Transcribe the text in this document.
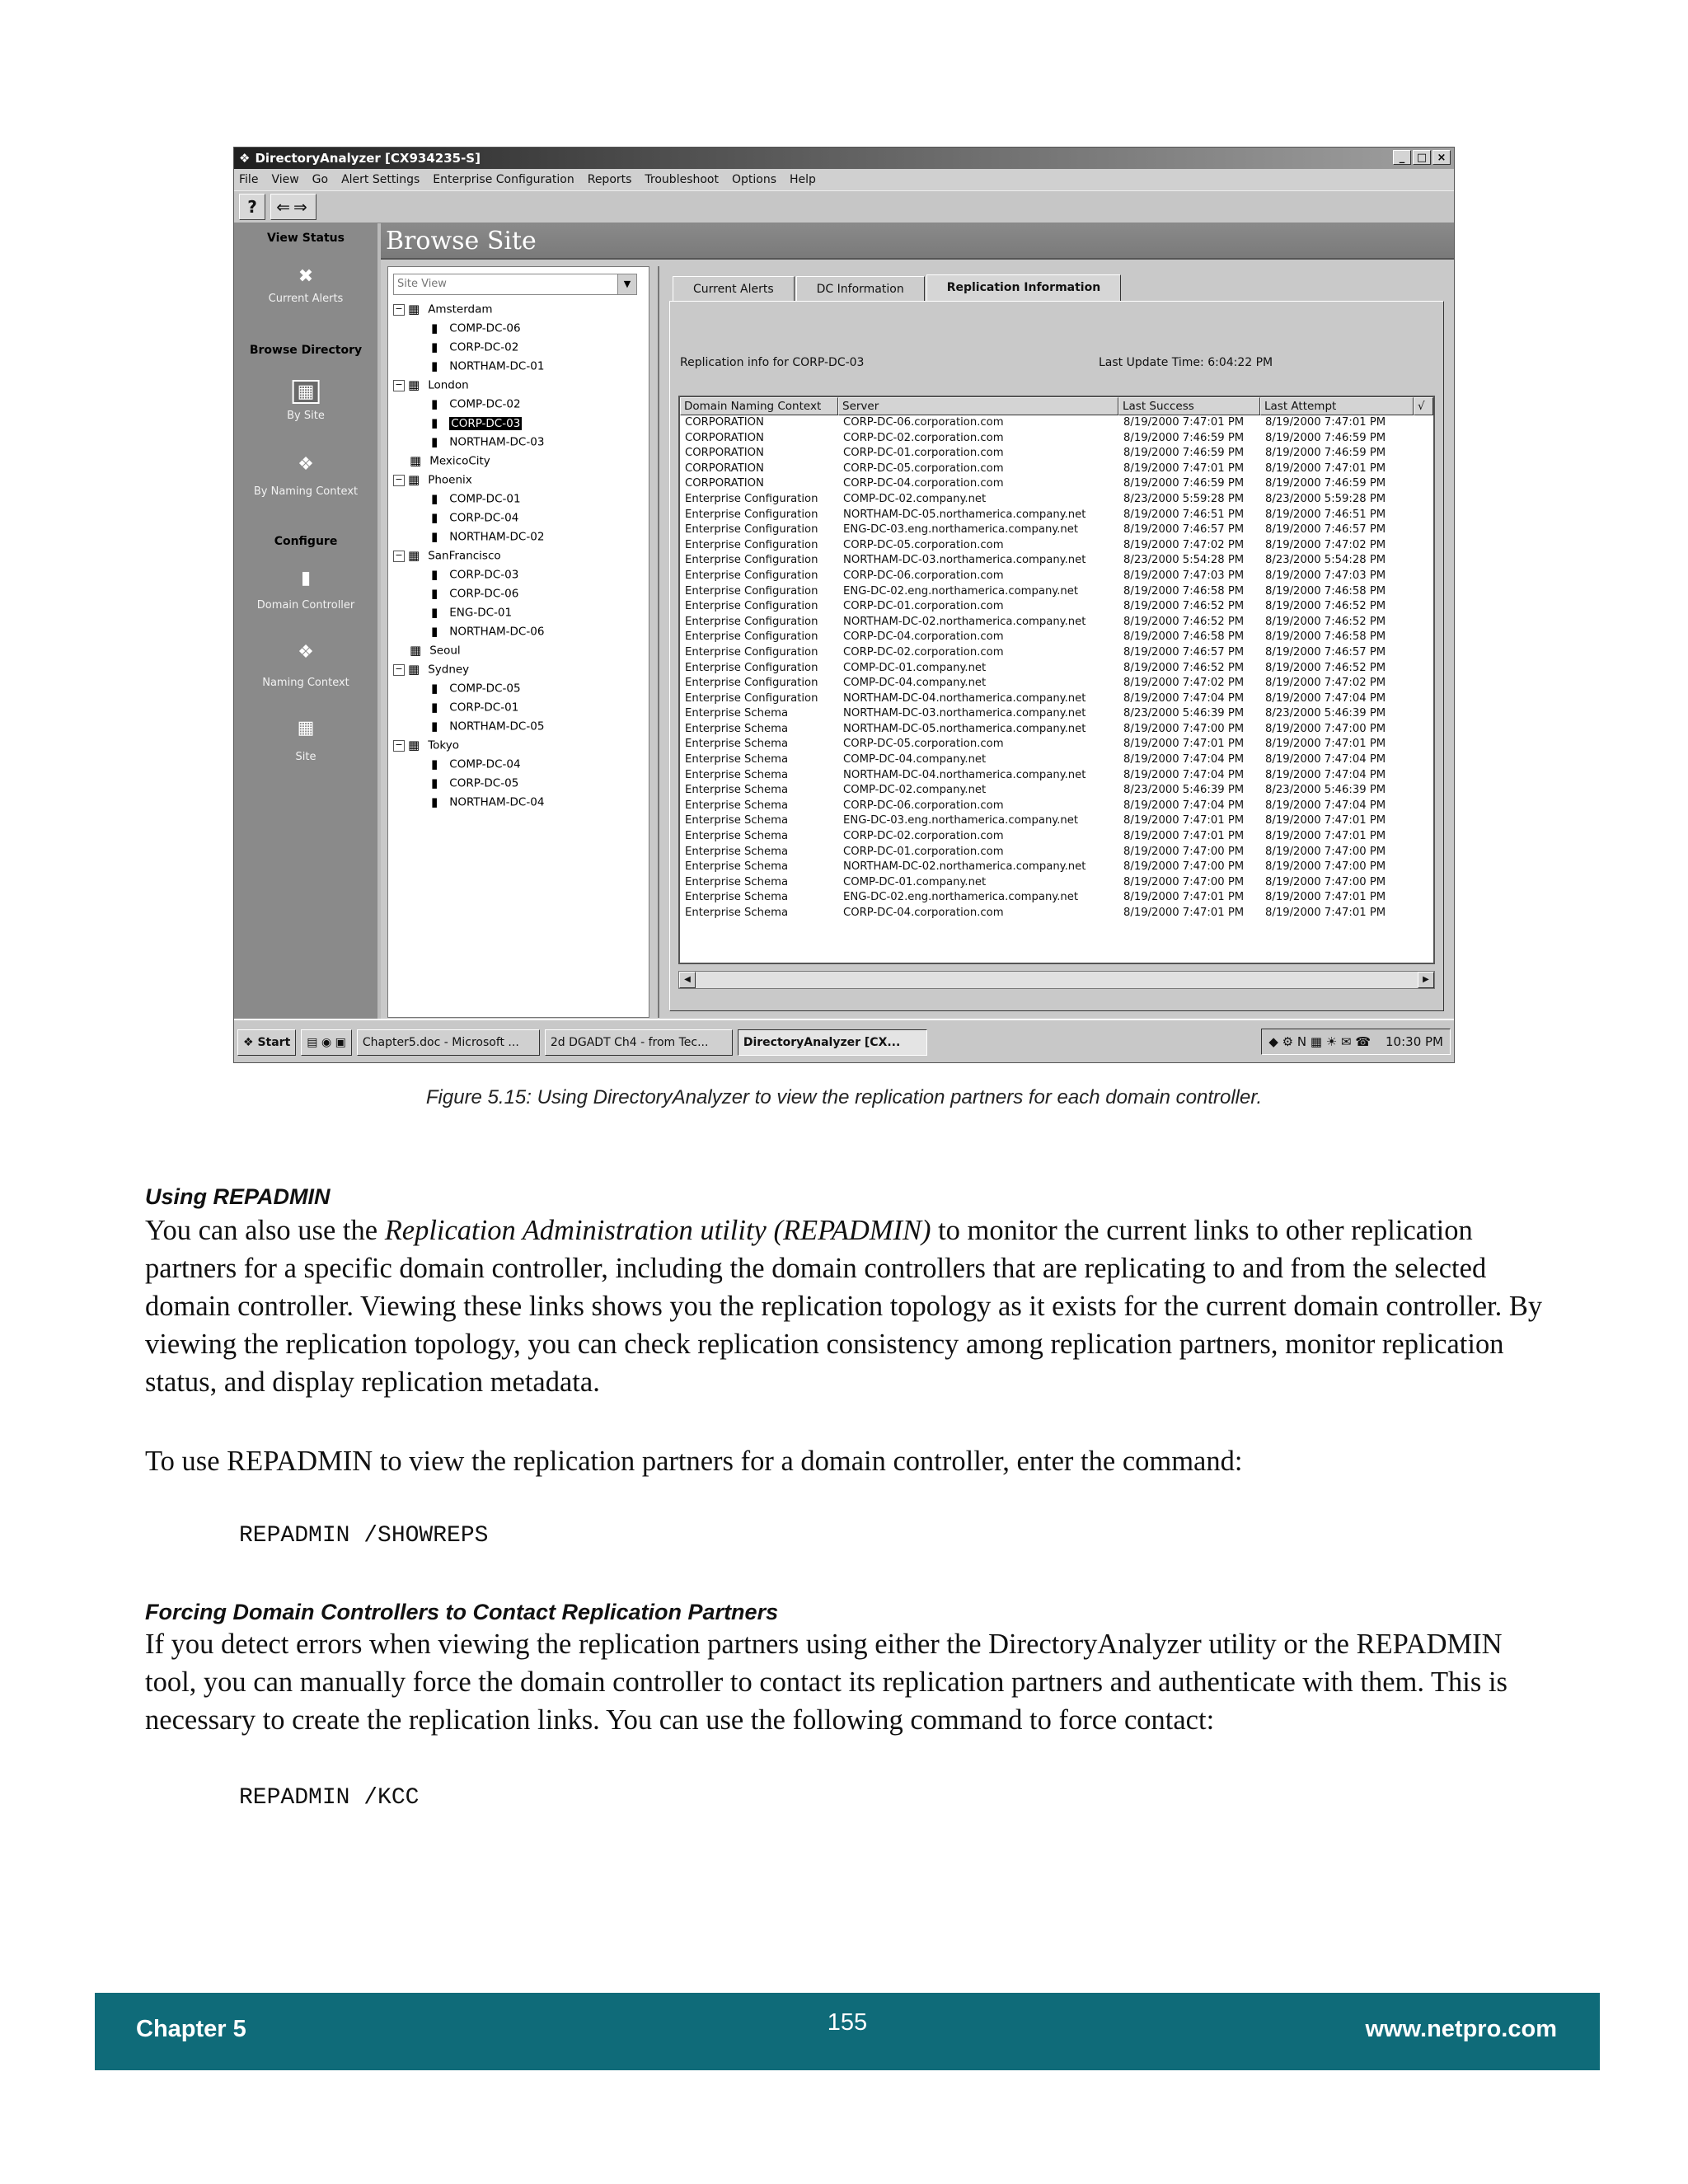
❖ DirectoryAnalyzer [CX934235-S]	_	□ ×
File View Go Alert Settings Enterprise Configuration Reports Troubleshoot Options Help
?	⇐⇒
View Status
✖
Current Alerts
Browse Directory
▦
By Site
❖
By Naming Context
Configure
▮
Domain Controller
❖
Naming Context
▦
Site
Browse Site
Site View	▼
− ▦ Amsterdam
▮ COMP-DC-06
▮ CORP-DC-02
▮ NORTHAM-DC-01
− ▦ London
▮ COMP-DC-02
▮ CORP-DC-03
▮ NORTHAM-DC-03
▦ MexicoCity
− ▦ Phoenix
▮ COMP-DC-01
▮ CORP-DC-04
▮ NORTHAM-DC-02
− ▦ SanFrancisco
▮ CORP-DC-03
▮ CORP-DC-06
▮ ENG-DC-01
▮ NORTHAM-DC-06
▦ Seoul
− ▦ Sydney
▮ COMP-DC-05
▮ CORP-DC-01
▮ NORTHAM-DC-05
− ▦ Tokyo
▮ COMP-DC-04
▮ CORP-DC-05
▮ NORTHAM-DC-04
Current Alerts	DC Information	Replication Information
Replication info for CORP-DC-03	Last Update Time: 6:04:22 PM
Domain Naming Context	Server	Last Success	Last Attempt	√
CORPORATION	CORP-DC-06.corporation.com	8/19/2000 7:47:01 PM	8/19/2000 7:47:01 PM
CORPORATION	CORP-DC-02.corporation.com	8/19/2000 7:46:59 PM	8/19/2000 7:46:59 PM
CORPORATION	CORP-DC-01.corporation.com	8/19/2000 7:46:59 PM	8/19/2000 7:46:59 PM
CORPORATION	CORP-DC-05.corporation.com	8/19/2000 7:47:01 PM	8/19/2000 7:47:01 PM
CORPORATION	CORP-DC-04.corporation.com	8/19/2000 7:46:59 PM	8/19/2000 7:46:59 PM
Enterprise Configuration	COMP-DC-02.company.net	8/23/2000 5:59:28 PM	8/23/2000 5:59:28 PM
Enterprise Configuration	NORTHAM-DC-05.northamerica.company.net	8/19/2000 7:46:51 PM	8/19/2000 7:46:51 PM
Enterprise Configuration	ENG-DC-03.eng.northamerica.company.net	8/19/2000 7:46:57 PM	8/19/2000 7:46:57 PM
Enterprise Configuration	CORP-DC-05.corporation.com	8/19/2000 7:47:02 PM	8/19/2000 7:47:02 PM
Enterprise Configuration	NORTHAM-DC-03.northamerica.company.net	8/23/2000 5:54:28 PM	8/23/2000 5:54:28 PM
Enterprise Configuration	CORP-DC-06.corporation.com	8/19/2000 7:47:03 PM	8/19/2000 7:47:03 PM
Enterprise Configuration	ENG-DC-02.eng.northamerica.company.net	8/19/2000 7:46:58 PM	8/19/2000 7:46:58 PM
Enterprise Configuration	CORP-DC-01.corporation.com	8/19/2000 7:46:52 PM	8/19/2000 7:46:52 PM
Enterprise Configuration	NORTHAM-DC-02.northamerica.company.net	8/19/2000 7:46:52 PM	8/19/2000 7:46:52 PM
Enterprise Configuration	CORP-DC-04.corporation.com	8/19/2000 7:46:58 PM	8/19/2000 7:46:58 PM
Enterprise Configuration	CORP-DC-02.corporation.com	8/19/2000 7:46:57 PM	8/19/2000 7:46:57 PM
Enterprise Configuration	COMP-DC-01.company.net	8/19/2000 7:46:52 PM	8/19/2000 7:46:52 PM
Enterprise Configuration	COMP-DC-04.company.net	8/19/2000 7:47:02 PM	8/19/2000 7:47:02 PM
Enterprise Configuration	NORTHAM-DC-04.northamerica.company.net	8/19/2000 7:47:04 PM	8/19/2000 7:47:04 PM
Enterprise Schema	NORTHAM-DC-03.northamerica.company.net	8/23/2000 5:46:39 PM	8/23/2000 5:46:39 PM
Enterprise Schema	NORTHAM-DC-05.northamerica.company.net	8/19/2000 7:47:00 PM	8/19/2000 7:47:00 PM
Enterprise Schema	CORP-DC-05.corporation.com	8/19/2000 7:47:01 PM	8/19/2000 7:47:01 PM
Enterprise Schema	COMP-DC-04.company.net	8/19/2000 7:47:04 PM	8/19/2000 7:47:04 PM
Enterprise Schema	NORTHAM-DC-04.northamerica.company.net	8/19/2000 7:47:04 PM	8/19/2000 7:47:04 PM
Enterprise Schema	COMP-DC-02.company.net	8/23/2000 5:46:39 PM	8/23/2000 5:46:39 PM
Enterprise Schema	CORP-DC-06.corporation.com	8/19/2000 7:47:04 PM	8/19/2000 7:47:04 PM
Enterprise Schema	ENG-DC-03.eng.northamerica.company.net	8/19/2000 7:47:01 PM	8/19/2000 7:47:01 PM
Enterprise Schema	CORP-DC-02.corporation.com	8/19/2000 7:47:01 PM	8/19/2000 7:47:01 PM
Enterprise Schema	CORP-DC-01.corporation.com	8/19/2000 7:47:00 PM	8/19/2000 7:47:00 PM
Enterprise Schema	NORTHAM-DC-02.northamerica.company.net	8/19/2000 7:47:00 PM	8/19/2000 7:47:00 PM
Enterprise Schema	COMP-DC-01.company.net	8/19/2000 7:47:00 PM	8/19/2000 7:47:00 PM
Enterprise Schema	ENG-DC-02.eng.northamerica.company.net	8/19/2000 7:47:01 PM	8/19/2000 7:47:01 PM
Enterprise Schema	CORP-DC-04.corporation.com	8/19/2000 7:47:01 PM	8/19/2000 7:47:01 PM
◀	▶
❖ Start	▤ ◉ ▣	Chapter5.doc - Microsoft ...	2d DGADT Ch4 - from Tec...	DirectoryAnalyzer [CX...	◆ ⚙ N ▦ ☀ ✉ ☎ 10:30 PM
Figure 5.15: Using DirectoryAnalyzer to view the replication partners for each domain controller.
Using REPADMIN
You can also use the Replication Administration utility (REPADMIN) to monitor the current links to other replication partners for a specific domain controller, including the domain controllers that are replicating to and from the selected domain controller. Viewing these links shows you the replication topology as it exists for the current domain controller. By viewing the replication topology, you can check replication consistency among replication partners, monitor replication status, and display replication metadata.
To use REPADMIN to view the replication partners for a domain controller, enter the command:
REPADMIN /SHOWREPS
Forcing Domain Controllers to Contact Replication Partners
If you detect errors when viewing the replication partners using either the DirectoryAnalyzer utility or the REPADMIN tool, you can manually force the domain controller to contact its replication partners and authenticate with them. This is necessary to create the replication links. You can use the following command to force contact:
REPADMIN /KCC
Chapter 5	155	www.netpro.com
